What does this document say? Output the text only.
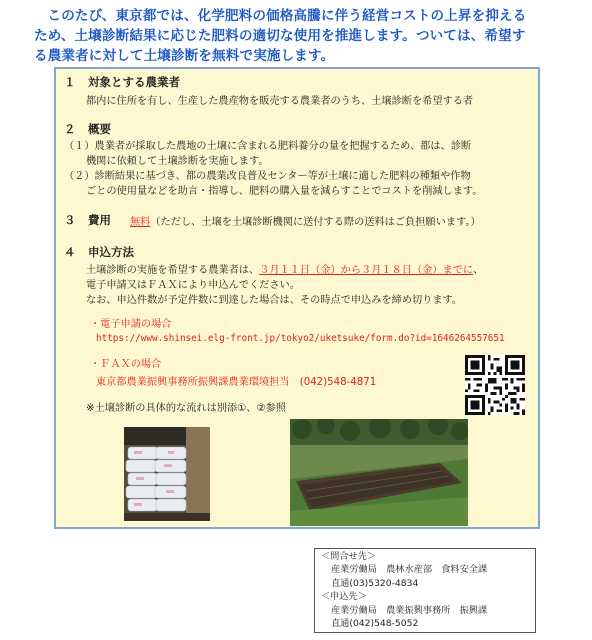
このたび、東京都では、化学肥料の価格高騰に伴う経営コストの上昇を抑える
ため、土壌診断結果に応じた肥料の適切な使用を推進します。ついては、希望す
る農業者に対して土壌診断を無料で実施します。
１ 対象とする農業者
都内に住所を有し、生産した農産物を販売する農業者のうち、土壌診断を希望する者
２ 概要
（１）農業者が採取した農地の土壌に含まれる肥料養分の量を把握するため、都は、診断
機関に依頼して土壌診断を実施します。
（２）診断結果に基づき、都の農業改良普及センター等が土壌に適した肥料の種類や作物
ごとの使用量などを助言・指導し、肥料の購入量を減らすことでコストを削減します。
３ 費用 無料（ただし、土壌を土壌診断機関に送付する際の送料はご負担願います。）
４ 申込方法
土壌診断の実施を希望する農業者は、３月１１日（金）から３月１８日（金）までに、
電子申請又はＦＡＸにより申込んでください。
なお、申込件数が予定件数に到達した場合は、その時点で申込みを締め切ります。
・電子申請の場合
https://www.shinsei.elg-front.jp/tokyo2/uketsuke/form.do?id=1646264557651
・ＦＡＸの場合
東京都農業振興事務所振興課農業環境担当　(042)548-4871
※土壌診断の具体的な流れは別添①、②参照
＜問合せ先＞
産業労働局　農林水産部　食料安全課
直通(03)5320-4834
＜申込先＞
産業労働局　農業振興事務所　振興課
直通(042)548-5052
